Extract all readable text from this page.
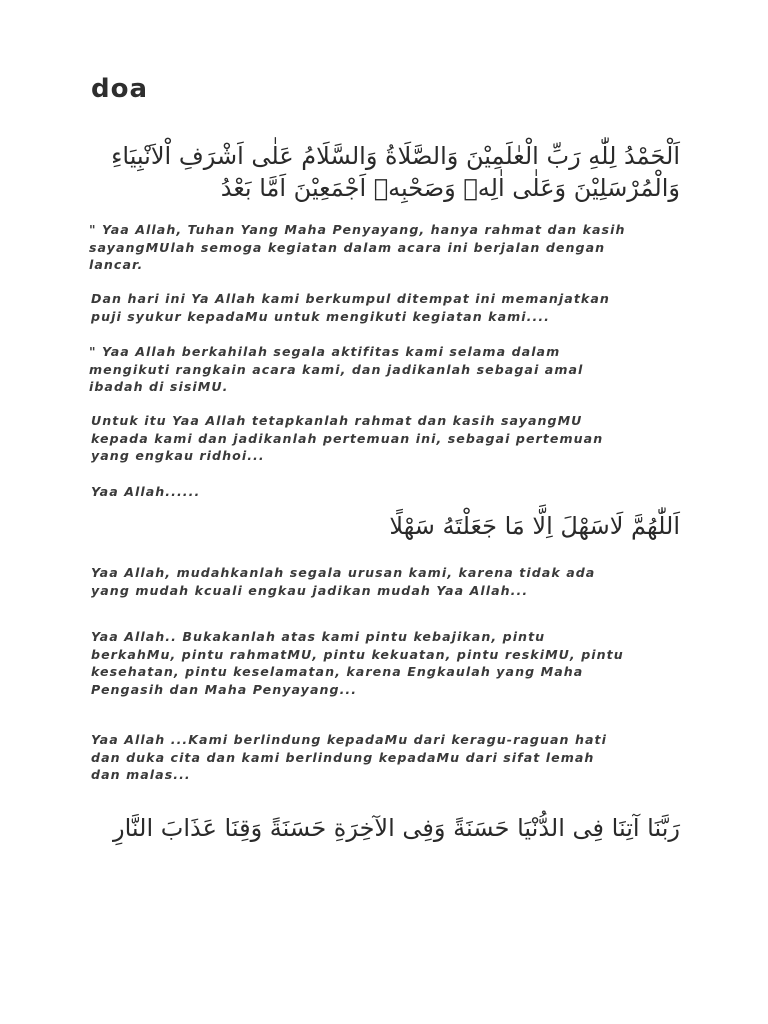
doa

اَلْحَمْدُ لِلّٰهِ رَبِّ الْعٰلَمِيْنَ وَالصَّلَاةُ وَالسَّلَامُ عَلٰى اَشْرَفِ اْلاَنْبِيَاءِ
وَالْمُرْسَلِيْنَ وَعَلٰى اٰلِهٖ وَصَحْبِهٖ اَجْمَعِيْنَ اَمَّا بَعْدُ

" Yaa Allah, Tuhan Yang Maha Penyayang, hanya rahmat dan kasih
sayangMUlah semoga kegiatan dalam acara ini berjalan dengan
lancar.

Dan hari ini Ya Allah kami berkumpul ditempat ini memanjatkan
puji syukur kepadaMu untuk mengikuti kegiatan kami....

" Yaa Allah berkahilah segala aktifitas kami selama dalam
mengikuti rangkain acara kami, dan jadikanlah sebagai amal
ibadah di sisiMU.

Untuk itu Yaa Allah tetapkanlah rahmat dan kasih sayangMU
kepada kami dan jadikanlah pertemuan ini, sebagai pertemuan
yang engkau ridhoi...

Yaa Allah......

اَللّٰهُمَّ لَاسَهْلَ اِلَّا مَا جَعَلْتَهُ سَهْلًا

Yaa Allah, mudahkanlah segala urusan kami, karena tidak ada
yang mudah kcuali engkau jadikan mudah Yaa Allah...

Yaa Allah.. Bukakanlah atas kami pintu kebajikan, pintu
berkahMu, pintu rahmatMU, pintu kekuatan, pintu reskiMU, pintu
kesehatan, pintu keselamatan, karena Engkaulah yang Maha
Pengasih dan Maha Penyayang...

Yaa Allah ...Kami berlindung kepadaMu dari keragu-raguan hati
dan duka cita dan kami berlindung kepadaMu dari sifat lemah
dan malas...

رَبَّنَا آتِنَا فِى الدُّنْيَا حَسَنَةً وَفِى الآخِرَةِ حَسَنَةً وَقِنَا عَذَابَ النَّارِ
